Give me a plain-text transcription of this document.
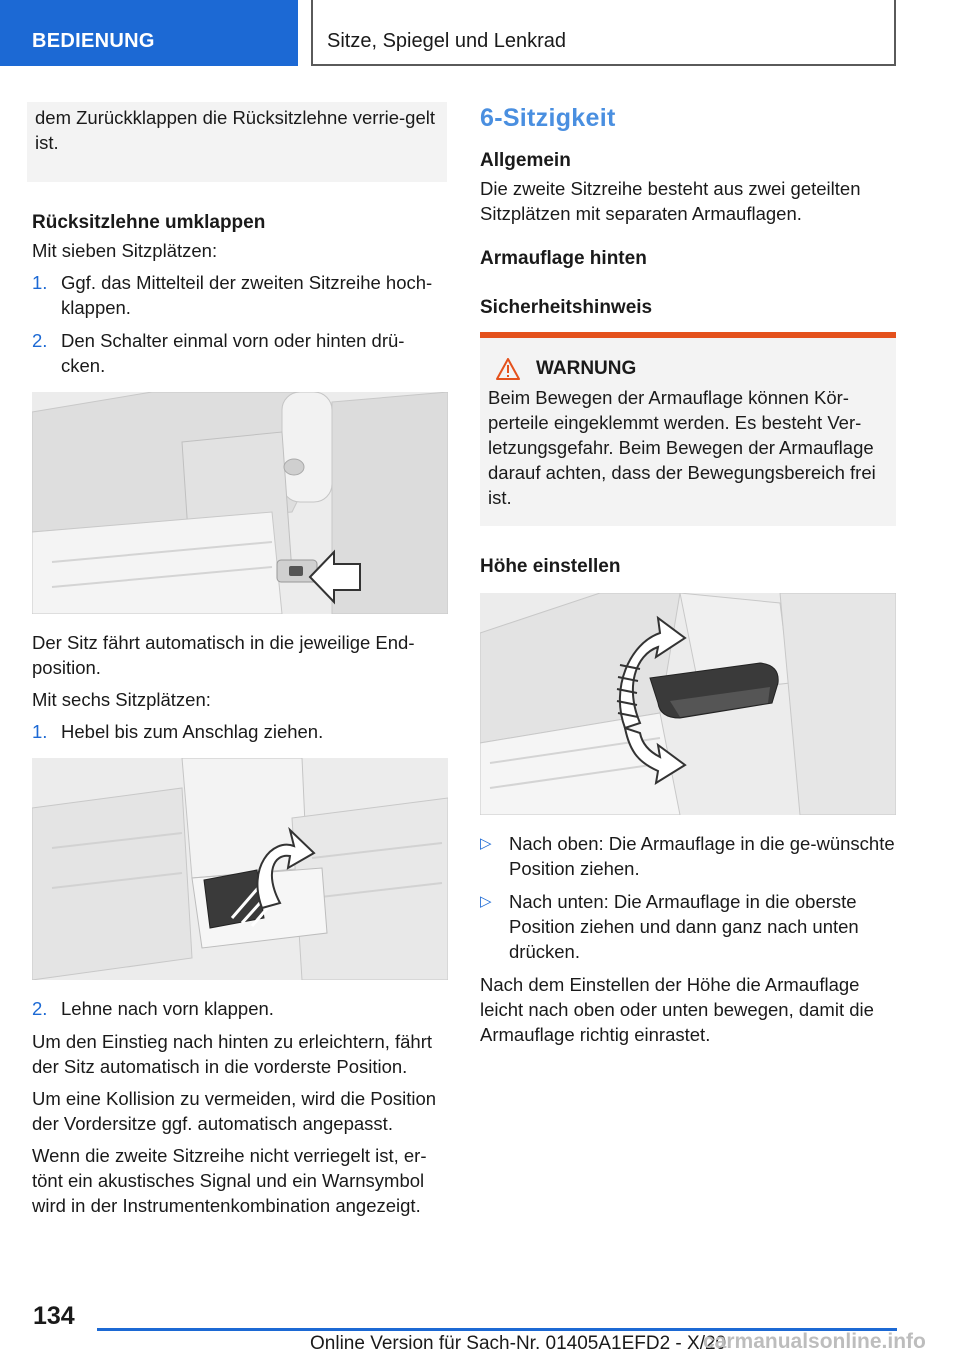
BEDIENUNG	Sitze, Spiegel und Lenkrad

dem Zurückklappen die Rücksitzlehne verrie-gelt ist.

Rücksitzlehne umklappen

Mit sieben Sitzplätzen:

1. Ggf. das Mittelteil der zweiten Sitzreihe hoch-klappen.
2. Den Schalter einmal vorn oder hinten drü-cken.

Der Sitz fährt automatisch in die jeweilige End-position.

Mit sechs Sitzplätzen:

1. Hebel bis zum Anschlag ziehen.
2. Lehne nach vorn klappen.

Um den Einstieg nach hinten zu erleichtern, fährt der Sitz automatisch in die vorderste Position.

Um eine Kollision zu vermeiden, wird die Position der Vordersitze ggf. automatisch angepasst.

Wenn die zweite Sitzreihe nicht verriegelt ist, er-tönt ein akustisches Signal und ein Warnsymbol wird in der Instrumentenkombination angezeigt.

6-Sitzigkeit
Allgemein

Die zweite Sitzreihe besteht aus zwei geteilten Sitzplätzen mit separaten Armauflagen.

Armauflage hinten
Sicherheitshinweis
WARNUNG

Beim Bewegen der Armauflage können Kör-perteile eingeklemmt werden. Es besteht Ver-letzungsgefahr. Beim Bewegen der Armauflage darauf achten, dass der Bewegungsbereich frei ist.

Höhe einstellen
▷ Nach oben: Die Armauflage in die ge-wünschte Position ziehen.
▷ Nach unten: Die Armauflage in die oberste Position ziehen und dann ganz nach unten drücken.

Nach dem Einstellen der Höhe die Armauflage leicht nach oben oder unten bewegen, damit die Armauflage richtig einrastet.

134
Online Version für Sach-Nr. 01405A1EFD2 - X/20
carmanualsonline.info
